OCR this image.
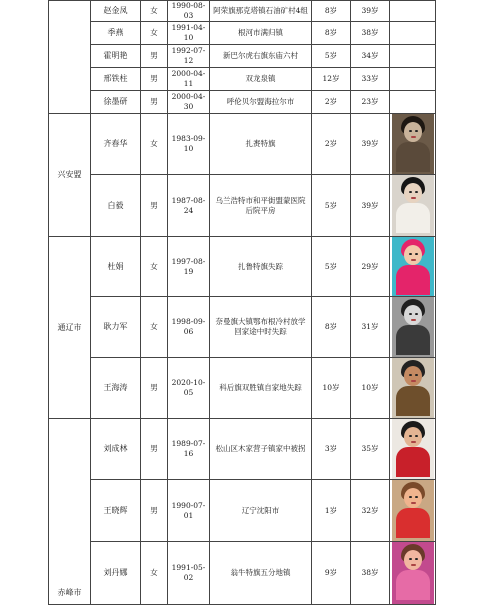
	赵金凤	女	1990-08-03	阿荣旗那克塔镇石油矿村4组	8岁	39岁	
	季燕	女	1991-04-10	根河市满归镇	8岁	38岁	
	霍明艳	男	1992-07-12	新巴尔虎右旗东庙六村	5岁	34岁	
	邢铁柱	男	2000-04-11	双龙泉镇	12岁	33岁	
	徐墨研	男	2000-04-30	呼伦贝尔盟海拉尔市	2岁	23岁	
兴安盟	齐春华	女	1983-09-10	扎赉特旗	2岁	39岁	

	白毅	男	1987-08-24	乌兰浩特市和平街盟蒙医院后院平房	5岁	39岁	

通辽市	杜娟	女	1997-08-19	扎鲁特旗失踪	5岁	29岁	

	耿力军	女	1998-09-06	奈曼旗大镇鄂布根冷村放学回家途中时失踪	8岁	31岁	

	王海涛	男	2020-10-05	科后旗双胜镇自家地失踪	10岁	10岁	

赤峰市	刘成林	男	1989-07-16	松山区木家营子镇家中被拐	3岁	35岁	

	王晓辉	男	1990-07-01	辽宁沈阳市	1岁	32岁	

	刘丹娜	女	1991-05-02	翁牛特旗五分地镇	9岁	38岁	
